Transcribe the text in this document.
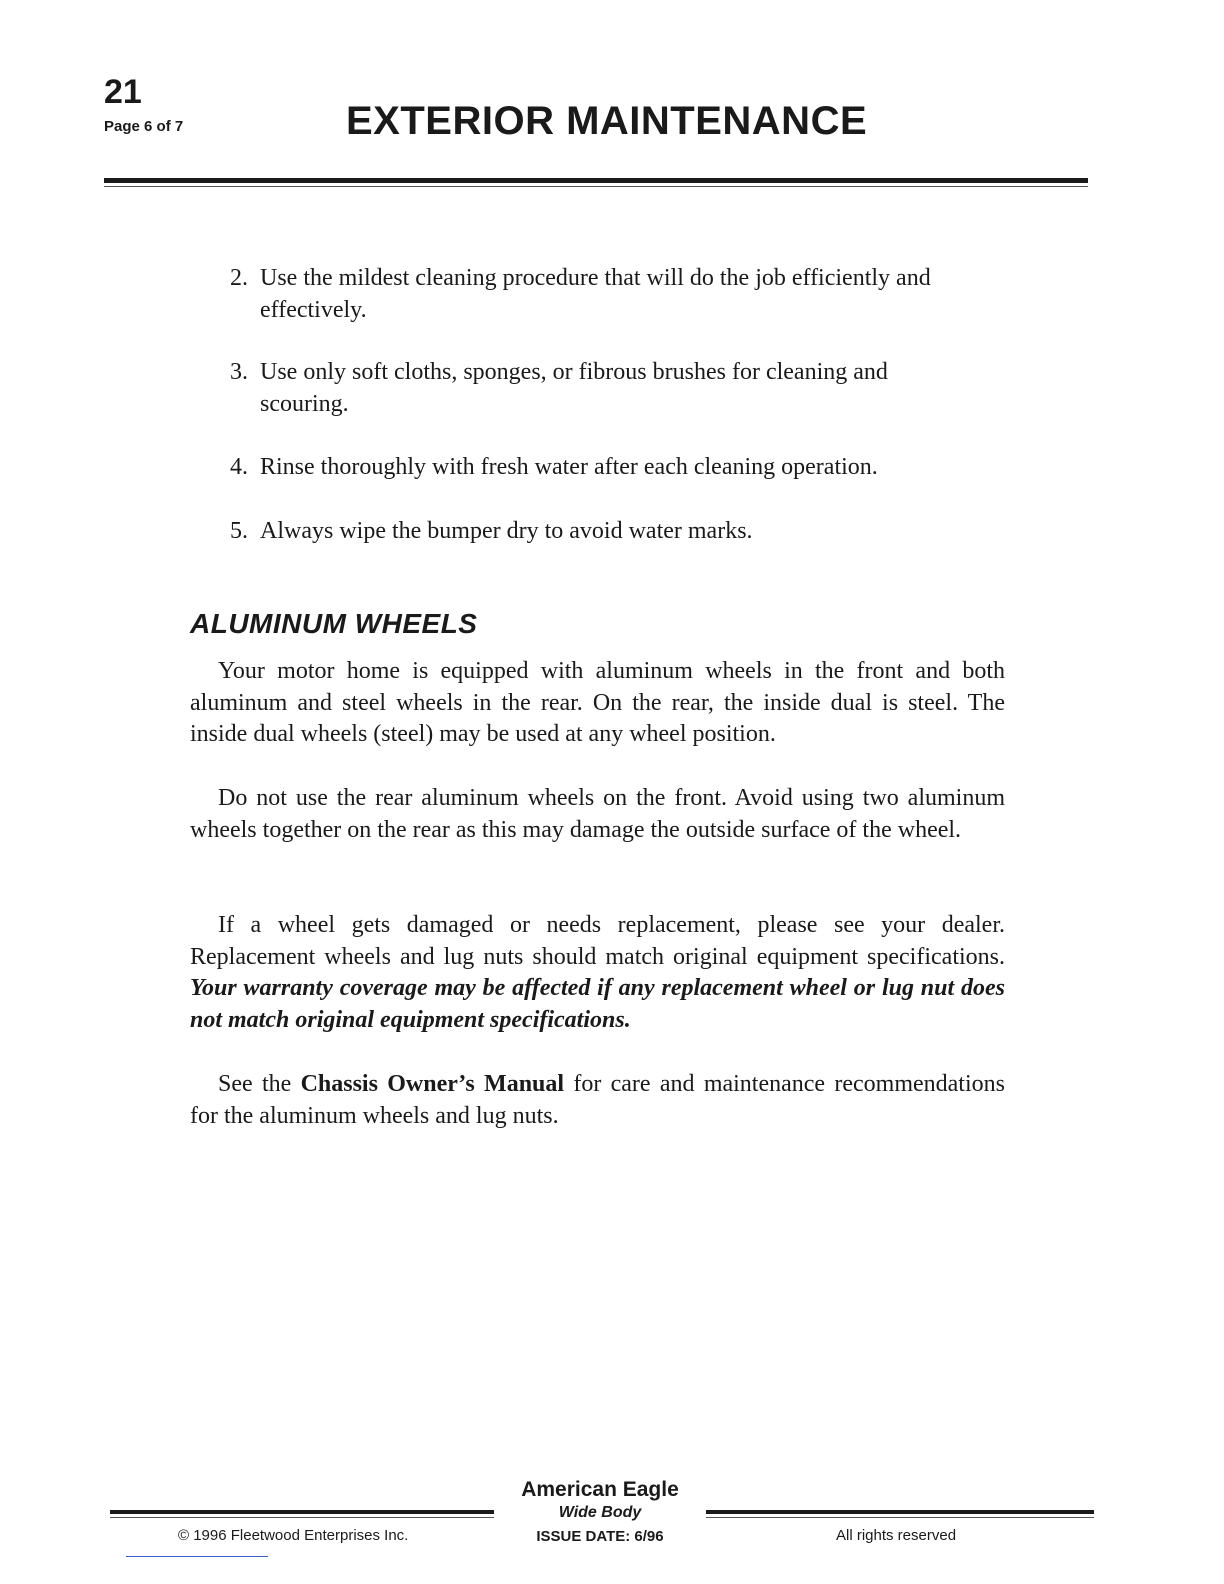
21
Page 6 of 7	EXTERIOR MAINTENANCE
2. Use the mildest cleaning procedure that will do the job efficiently and
effectively.
3. Use only soft cloths, sponges, or fibrous brushes for cleaning and
scouring.
4. Rinse thoroughly with fresh water after each cleaning operation.
5. Always wipe the bumper dry to avoid water marks.
ALUMINUM WHEELS
Your motor home is equipped with aluminum wheels in the front and both aluminum and steel wheels in the rear. On the rear, the inside dual is steel. The inside dual wheels (steel) may be used at any wheel position.
Do not use the rear aluminum wheels on the front. Avoid using two aluminum wheels together on the rear as this may damage the outside surface of the wheel.
If a wheel gets damaged or needs replacement, please see your dealer. Replacement wheels and lug nuts should match original equipment specifications. Your warranty coverage may be affected if any replacement wheel or lug nut does not match original equipment specifications.
See the Chassis Owner’s Manual for care and maintenance recommendations for the aluminum wheels and lug nuts.
American Eagle
Wide Body
ISSUE DATE: 6/96
© 1996 Fleetwood Enterprises Inc.	All rights reserved
